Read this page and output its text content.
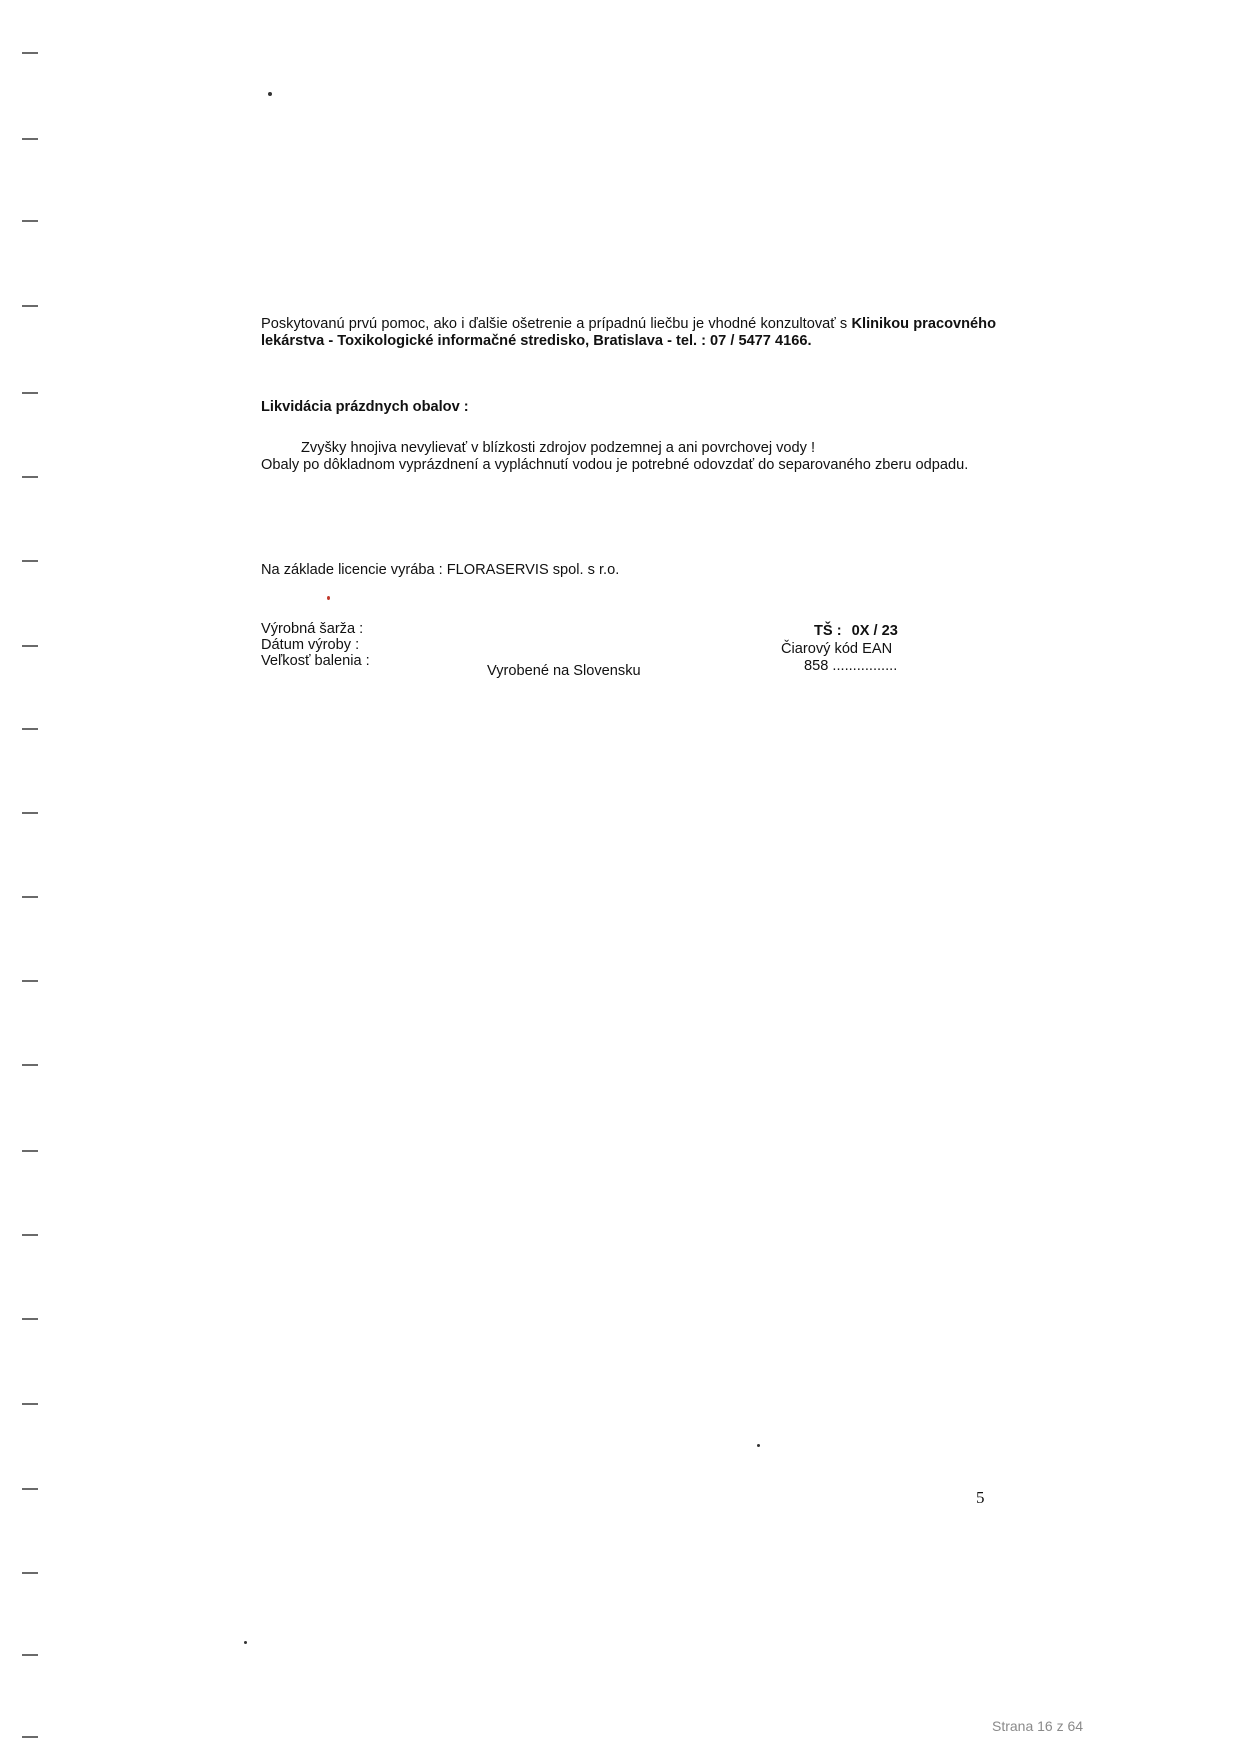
Poskytovanú prvú pomoc, ako i ďalšie ošetrenie a prípadnú liečbu je vhodné konzultovať s Klinikou pracovného lekárstva - Toxikologické informačné stredisko, Bratislava - tel. : 07 / 5477 4166.
Likvidácia prázdnych obalov :
Zvyšky hnojiva nevylievať v blízkosti zdrojov podzemnej a ani povrchovej vody !
Obaly po dôkladnom vyprázdnení a vypláchnutí vodou je potrebné odovzdať do separovaného zberu odpadu.
Na základe licencie vyrába : FLORASERVIS spol. s r.o.
Výrobná šarža :
Dátum výroby :
Veľkosť balenia :
Vyrobené na Slovensku
TŠ : 0X / 23
Čiarový kód EAN
858 ................
5
Strana 16 z 64
